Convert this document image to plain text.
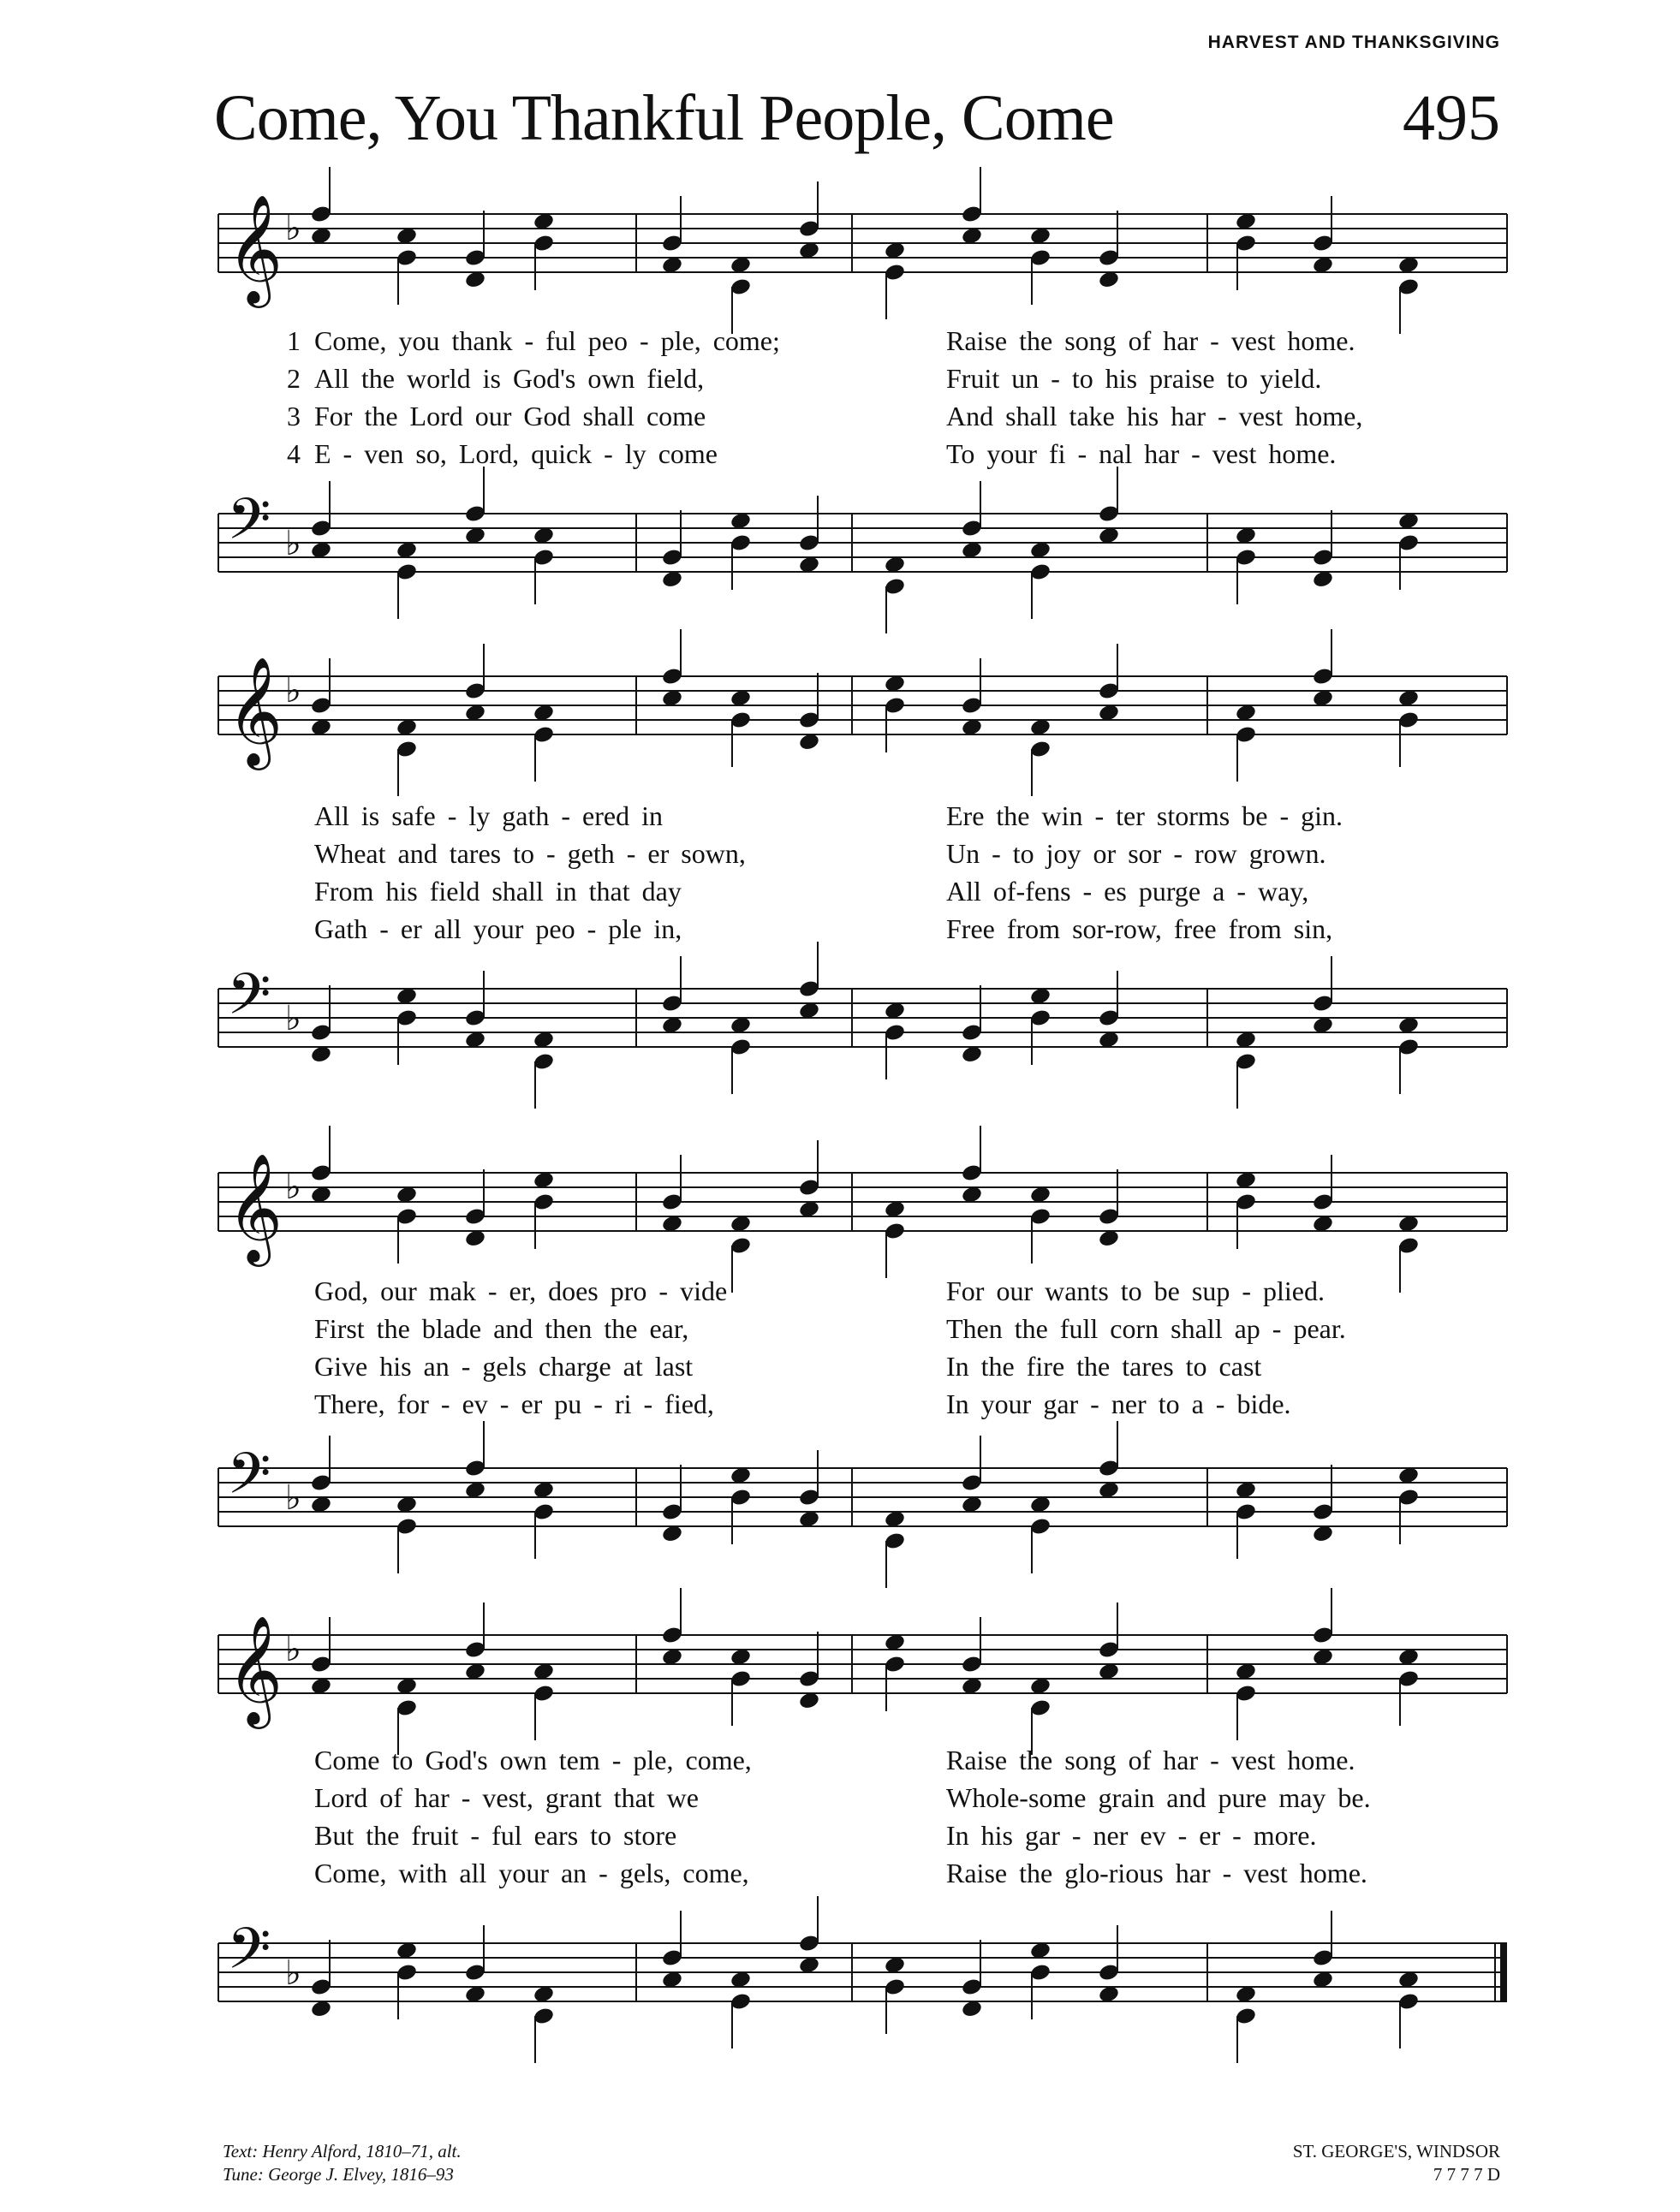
HARVEST AND THANKSGIVING
Come, You Thankful People, Come	495
𝄞 ♭
1 Come, you thank - ful peo - ple, come;	Raise the song of har - vest home.
2 All the world is God's own field,	Fruit un - to his praise to yield.
3 For the Lord our God shall come	And shall take his har - vest home,
4 E - ven so, Lord, quick - ly come	To your fi - nal har - vest home.
𝄢 ♭
𝄞 ♭
All is safe - ly gath - ered in	Ere the win - ter storms be - gin.
Wheat and tares to - geth - er sown,	Un - to joy or sor - row grown.
From his field shall in that day	All of-fens - es purge a - way,
Gath - er all your peo - ple in,	Free from sor-row, free from sin,
𝄢 ♭
𝄞 ♭
God, our mak - er, does pro - vide	For our wants to be sup - plied.
First the blade and then the ear,	Then the full corn shall ap - pear.
Give his an - gels charge at last	In the fire the tares to cast
There, for - ev - er pu - ri - fied,	In your gar - ner to a - bide.
𝄢 ♭
𝄞 ♭
Come to God's own tem - ple, come,	Raise the song of har - vest home.
Lord of har - vest, grant that we	Whole-some grain and pure may be.
But the fruit - ful ears to store	In his gar - ner ev - er - more.
Come, with all your an - gels, come,	Raise the glo-rious har - vest home.
𝄢 ♭
Text: Henry Alford, 1810–71, alt.
Tune: George J. Elvey, 1816–93
ST. GEORGE'S, WINDSOR
7 7 7 7 D
